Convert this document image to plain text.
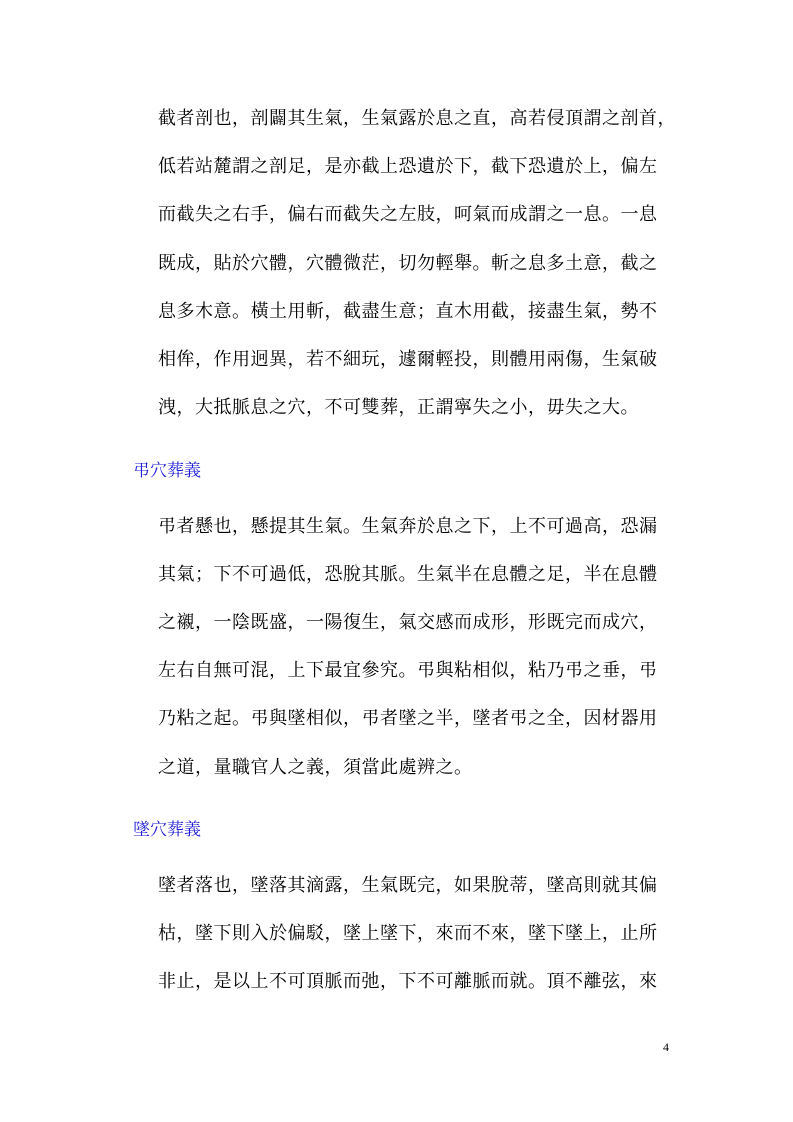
截者剖也，剖闢其生氣，生氣露於息之直，高若侵頂謂之剖首，
低若站麓謂之剖足，是亦截上恐遺於下，截下恐遺於上，偏左
而截失之右手，偏右而截失之左肢，呵氣而成謂之一息。一息
既成，貼於穴體，穴體微茫，切勿輕舉。斬之息多土意，截之
息多木意。橫土用斬，截盡生意；直木用截，接盡生氣，勢不
相侔，作用迥異，若不細玩，遽爾輕投，則體用兩傷，生氣破
洩，大抵脈息之穴，不可雙葬，正謂寧失之小，毋失之大。
弔穴葬義
弔者懸也，懸提其生氣。生氣奔於息之下，上不可過高，恐漏
其氣；下不可過低，恐脫其脈。生氣半在息體之足，半在息體
之襯，一陰既盛，一陽復生，氣交感而成形，形既完而成穴，
左右自無可混，上下最宜參究。弔與粘相似，粘乃弔之垂，弔
乃粘之起。弔與墜相似，弔者墜之半，墜者弔之全，因材器用
之道，量職官人之義，須當此處辨之。
墜穴葬義
墜者落也，墜落其滴露，生氣既完，如果脫蒂，墜高則就其偏
枯，墜下則入於偏駁，墜上墜下，來而不來，墜下墜上，止所
非止，是以上不可頂脈而弛，下不可離脈而就。頂不離弦，來
4
